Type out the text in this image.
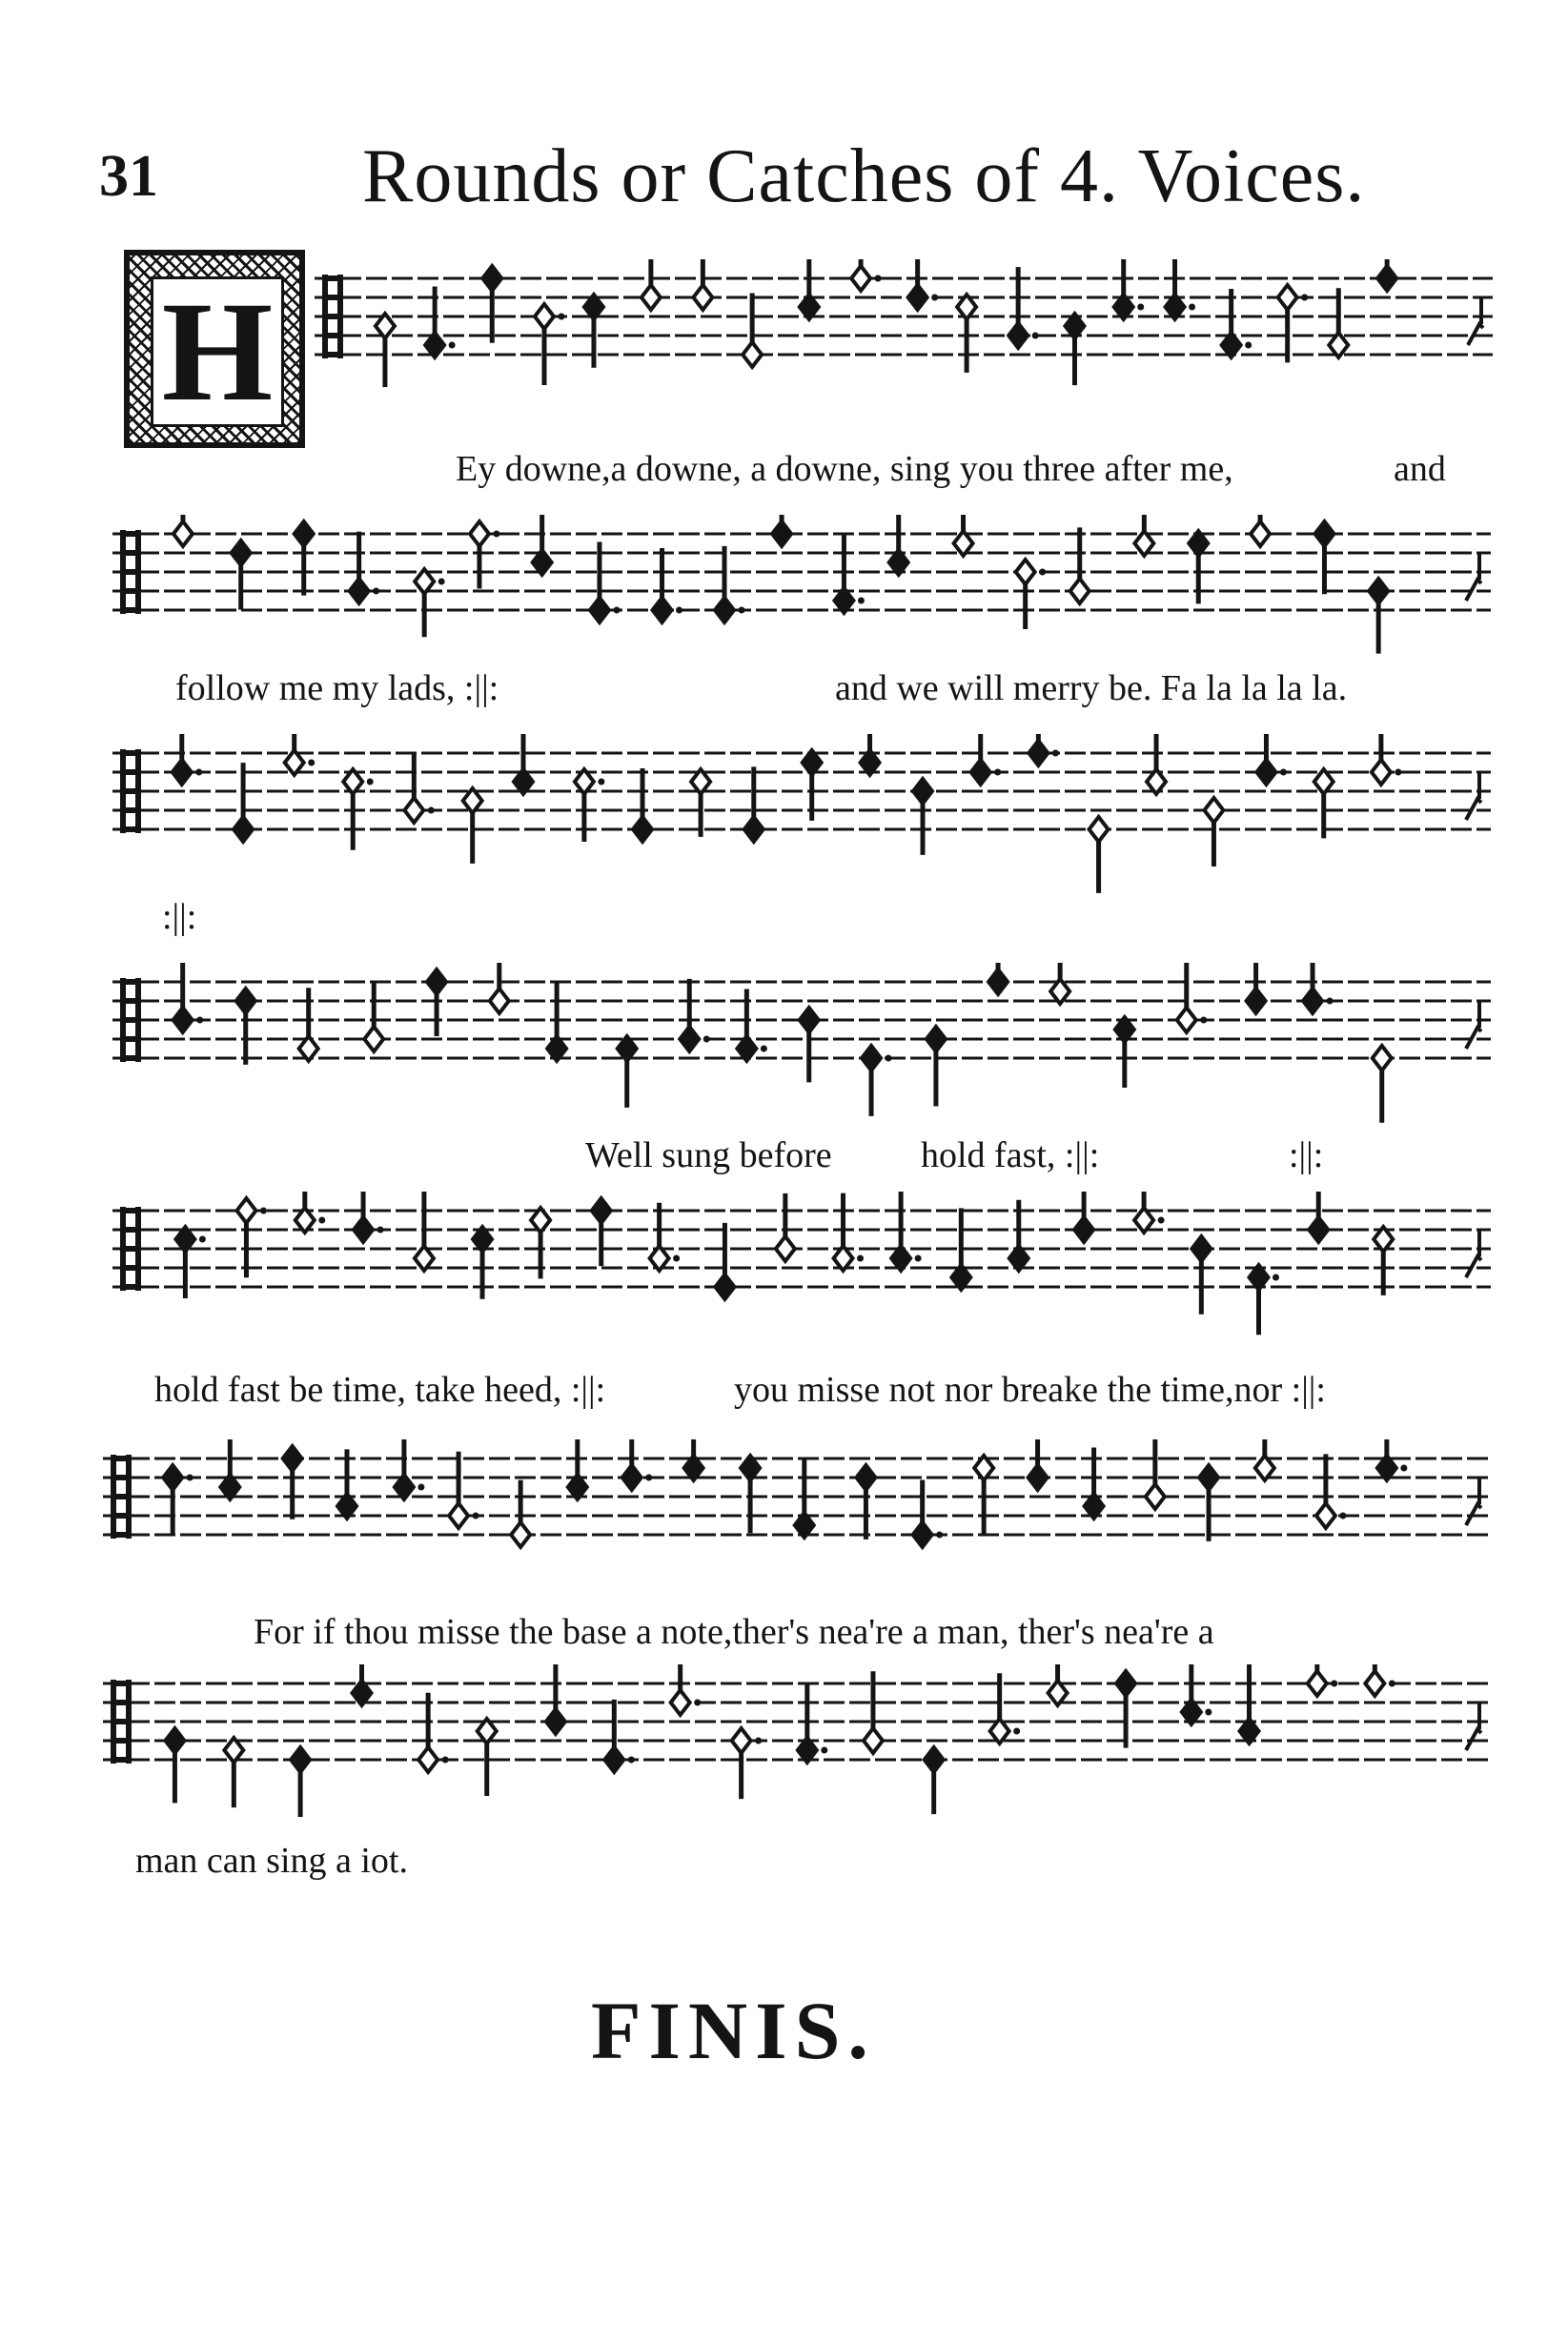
31	Rounds or Catches of 4. Voices.
H
Ey downe,a downe, a downe, sing you three after me,	and
follow me my lads, :||:	and we will merry be. Fa la la la la.
:||:
Well sung before hold fast, :||:	:||:
hold fast be time, take heed, :||:	you misse not nor breake the time,nor :||:
For if thou misse the base a note,ther's nea're a man, ther's nea're a
man can sing a iot.
FINIS.
